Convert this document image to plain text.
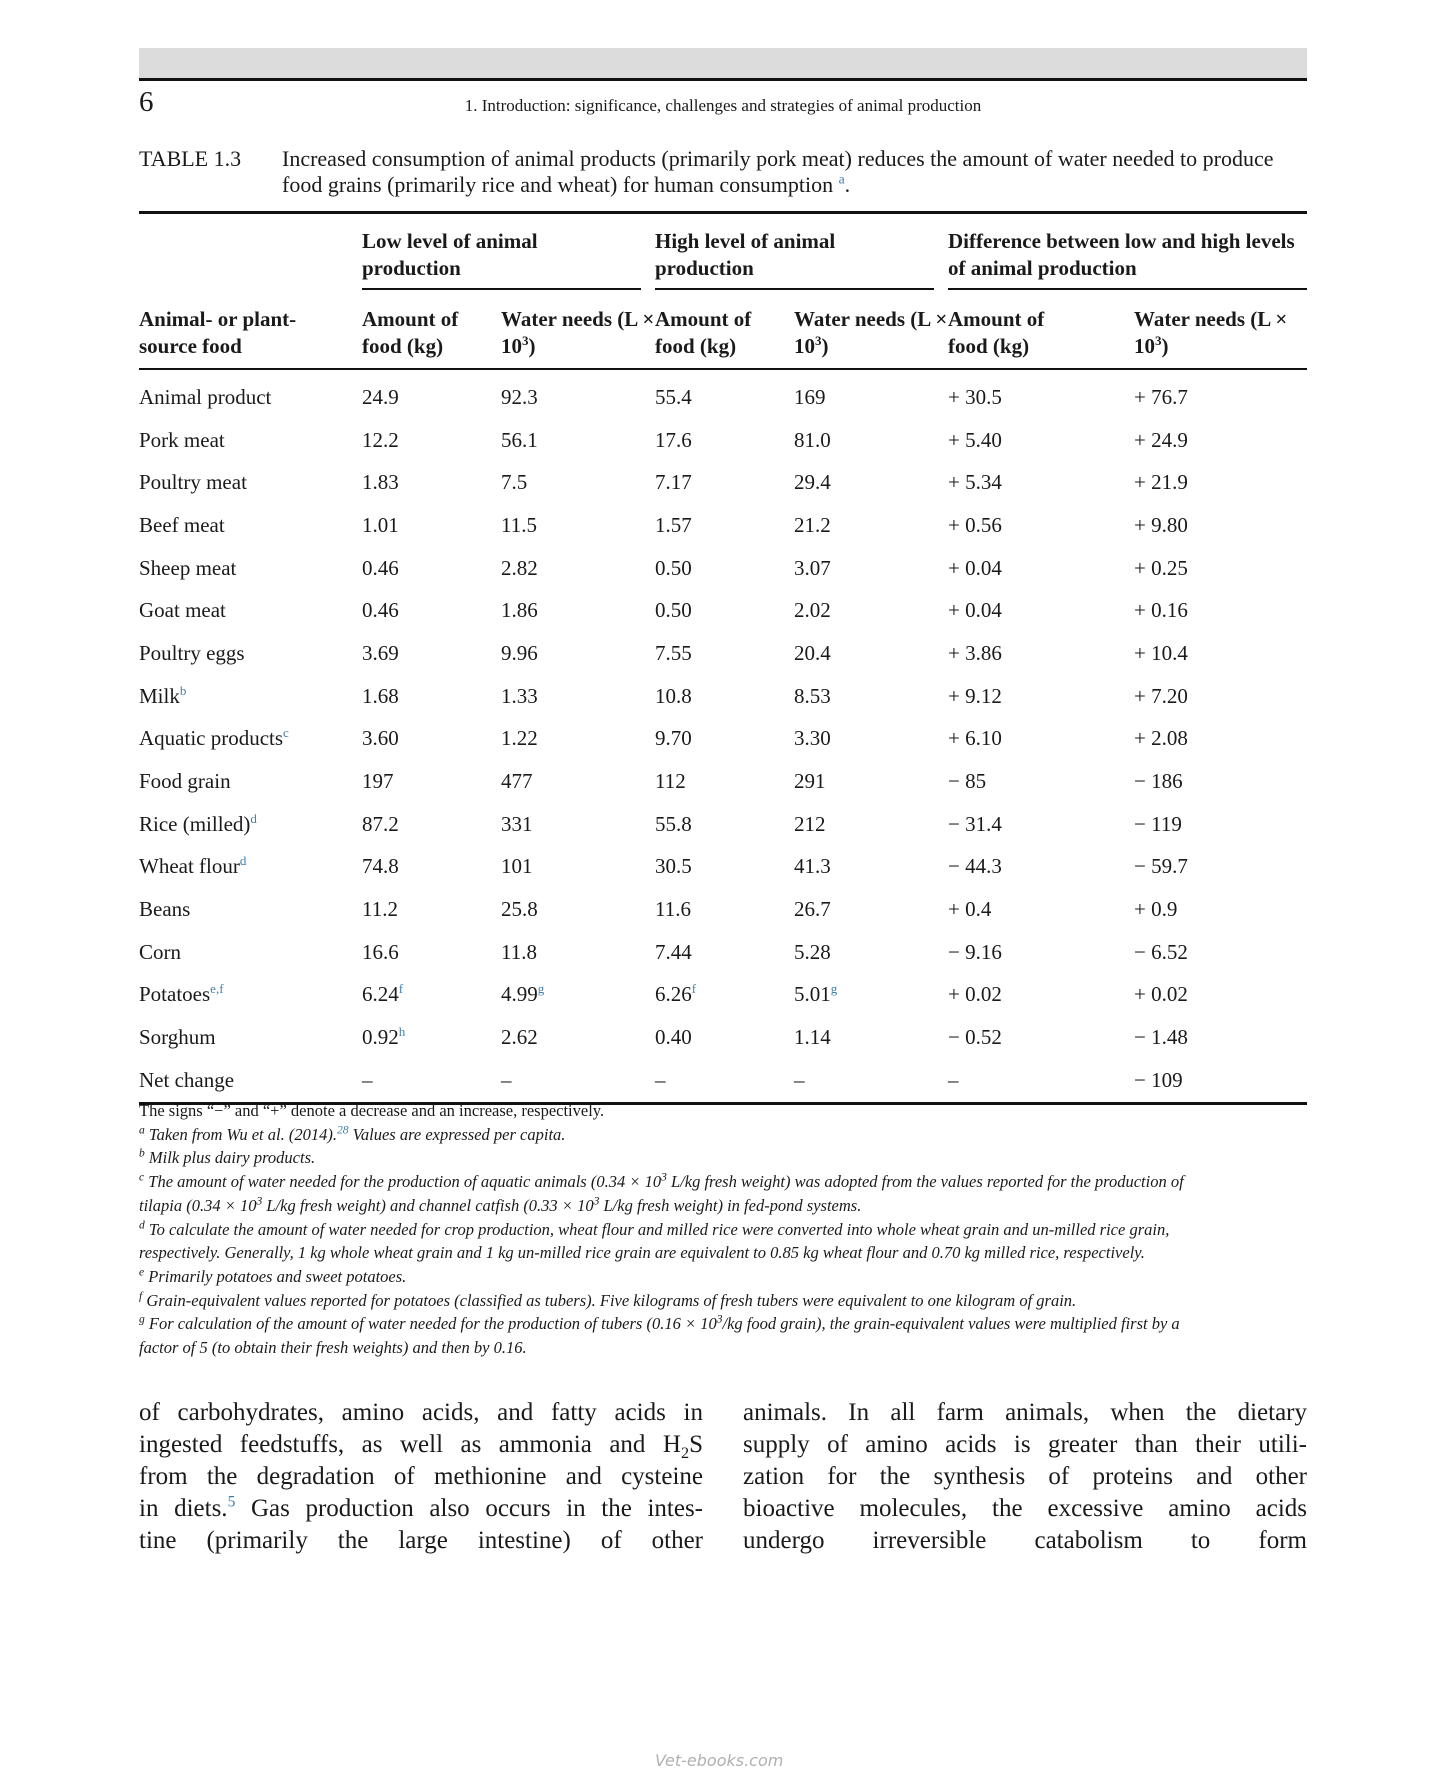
6	1. Introduction: significance, challenges and strategies of animal production
TABLE 1.3 Increased consumption of animal products (primarily pork meat) reduces the amount of water needed to produce food grains (primarily rice and wheat) for human consumption $^a$.

	Low level of animal production		High level of animal production		Difference between low and high levels of animal production	

Animal- or plant-source food	Amount of food (kg)	Water needs $(L \times 10^3)$	Amount of food (kg)	Water needs $(L \times 10^3)$	Amount of food (kg)	Water needs $(L \times 10^3)$
Animal product	24.9	92.3	55.4	169	+ 30.5	+ 76.7
Pork meat	12.2	56.1	17.6	81.0	+ 5.40	+ 24.9
Poultry meat	1.83	7.5	7.17	29.4	+ 5.34	+ 21.9
Beef meat	1.01	11.5	1.57	21.2	+ 0.56	+ 9.80
Sheep meat	0.46	2.82	0.50	3.07	+ 0.04	+ 0.25
Goat meat	0.46	1.86	0.50	2.02	+ 0.04	+ 0.16
Poultry eggs	3.69	9.96	7.55	20.4	+ 3.86	+ 10.4
Milk$^b$	1.68	1.33	10.8	8.53	+ 9.12	+ 7.20
Aquatic products$^c$	3.60	1.22	9.70	3.30	+ 6.10	+ 2.08
Food grain	197	477	112	291	− 85	− 186
Rice (milled)$^d$	87.2	331	55.8	212	− 31.4	− 119
Wheat flour$^d$	74.8	101	30.5	41.3	− 44.3	− 59.7
Beans	11.2	25.8	11.6	26.7	+ 0.4	+ 0.9
Corn	16.6	11.8	7.44	5.28	− 9.16	− 6.52
Potatoes$^{e,f}$	6.24$^f$	4.99$^g$	6.26$^f$	5.01$^g$	+ 0.02	+ 0.02
Sorghum	0.92$^h$	2.62	0.40	1.14	− 0.52	− 1.48
Net change	–	–	–	–	–	− 109
The signs “−” and “+” denote a decrease and an increase, respectively.
$^a$ Taken from Wu et al. (2014).$^{28}$ Values are expressed per capita.
$^b$ Milk plus dairy products.
$^c$ The amount of water needed for the production of aquatic animals ($0.34 \times 10^3$ L/kg fresh weight) was adopted from the values reported for the production of
tilapia ($0.34 \times 10^3$ L/kg fresh weight) and channel catfish ($0.33 \times 10^3$ L/kg fresh weight) in fed-pond systems.
$^d$ To calculate the amount of water needed for crop production, wheat flour and milled rice were converted into whole wheat grain and un-milled rice grain,
respectively. Generally, 1 kg whole wheat grain and 1 kg un-milled rice grain are equivalent to 0.85 kg wheat flour and 0.70 kg milled rice, respectively.
$^e$ Primarily potatoes and sweet potatoes.
$^f$ Grain-equivalent values reported for potatoes (classified as tubers). Five kilograms of fresh tubers were equivalent to one kilogram of grain.
$^g$ For calculation of the amount of water needed for the production of tubers ($0.16 \times 10^3/kg$ food grain), the grain-equivalent values were multiplied first by a
factor of 5 (to obtain their fresh weights) and then by 0.16.
of carbohydrates, amino acids, and fatty acids in
ingested feedstuffs, as well as ammonia and $H_2S$
from the degradation of methionine and cysteine
in diets.$^5$ Gas production also occurs in the intes-
tine (primarily the large intestine) of other
animals. In all farm animals, when the dietary
supply of amino acids is greater than their utili-
zation for the synthesis of proteins and other
bioactive molecules, the excessive amino acids
undergo irreversible catabolism to form
Vet-ebooks.com
